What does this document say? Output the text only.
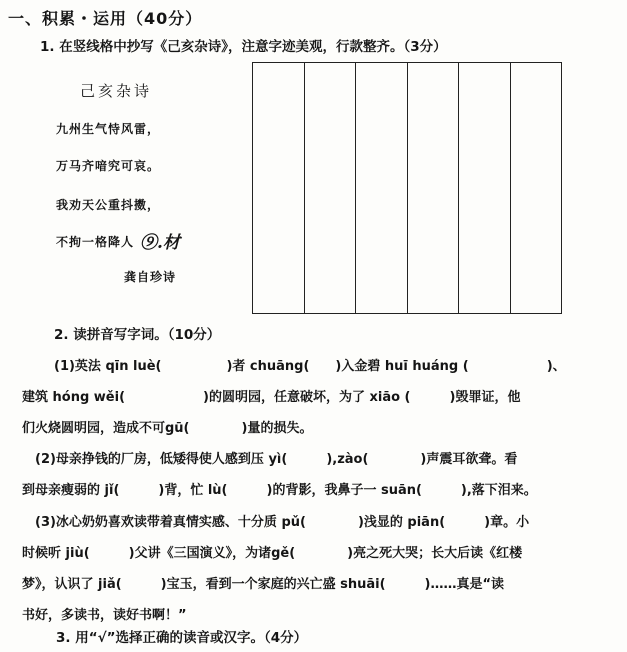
一、积累・运用（40分）
1. 在竖线格中抄写《己亥杂诗》，注意字迹美观，行款整齐。（3分）
己亥杂诗
九州生气恃风雷，
万马齐喑究可哀。
我劝天公重抖擞，
不拘一格降人 ⑨.材
龚自珍诗
2. 读拼音写字词。（10分）
(1)英法 qīn luè(　　　　　)者 chuāng(　　)入金碧 huī huáng (　　　　　　)、
建筑 hóng wěi(　　　　　　)的圆明园，任意破坏，为了 xiāo (　　　)毁罪证，他
们火烧圆明园，造成不可gū(　　　　)量的损失。
　(2)母亲挣钱的厂房，低矮得使人感到压 yì(　　　),zào(　　　　)声震耳欲聋。看
到母亲瘦弱的 jǐ(　　　)背，忙 lù(　　　)的背影，我鼻子一 suān(　　　),落下泪来。
　(3)冰心奶奶喜欢读带着真情实感、十分质 pǔ(　　　　)浅显的 piān(　　　)章。小
时候听 jiù(　　　)父讲《三国演义》，为诸gě(　　　　)亮之死大哭；长大后读《红楼
梦》，认识了 jiǎ(　　　)宝玉，看到一个家庭的兴亡盛 shuāi(　　　)……真是“读
书好，多读书，读好书啊！”
3. 用“√”选择正确的读音或汉字。（4分）
